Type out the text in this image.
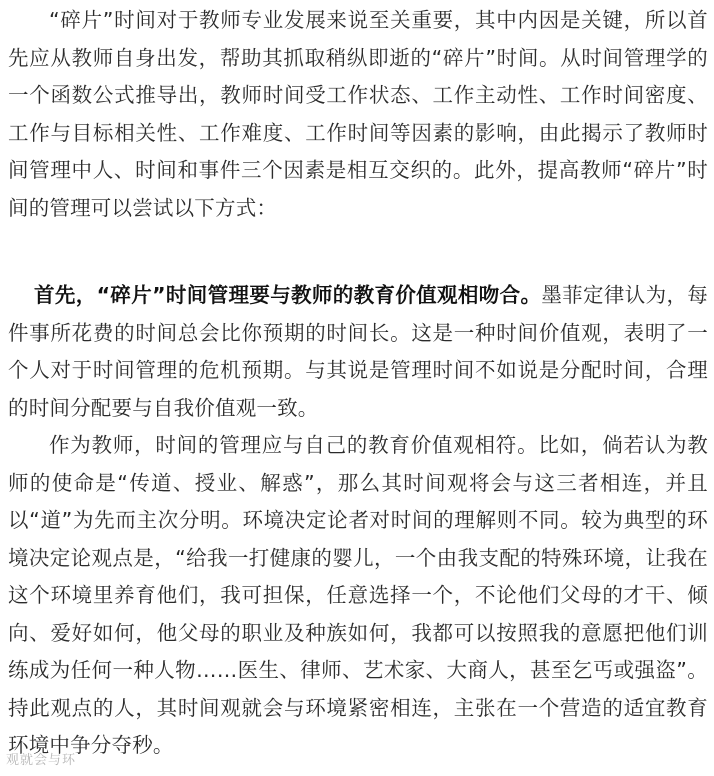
“碎片”时间对于教师专业发展来说至关重要，其中内因是关键，所以首先应从教师自身出发，帮助其抓取稍纵即逝的“碎片”时间。从时间管理学的一个函数公式推导出，教师时间受工作状态、工作主动性、工作时间密度、工作与目标相关性、工作难度、工作时间等因素的影响，由此揭示了教师时间管理中人、时间和事件三个因素是相互交织的。此外，提高教师“碎片”时间的管理可以尝试以下方式：

首先，“碎片”时间管理要与教师的教育价值观相吻合。墨菲定律认为，每件事所花费的时间总会比你预期的时间长。这是一种时间价值观，表明了一个人对于时间管理的危机预期。与其说是管理时间不如说是分配时间，合理的时间分配要与自我价值观一致。

作为教师，时间的管理应与自己的教育价值观相符。比如，倘若认为教师的使命是“传道、授业、解惑”，那么其时间观将会与这三者相连，并且以“道”为先而主次分明。环境决定论者对时间的理解则不同。较为典型的环境决定论观点是，“给我一打健康的婴儿，一个由我支配的特殊环境，让我在这个环境里养育他们，我可担保，任意选择一个，不论他们父母的才干、倾向、爱好如何，他父母的职业及种族如何，我都可以按照我的意愿把他们训练成为任何一种人物……医生、律师、艺术家、大商人，甚至乞丐或强盗”。持此观点的人，其时间观就会与环境紧密相连，主张在一个营造的适宜教育环境中争分夺秒。

观就会与环
